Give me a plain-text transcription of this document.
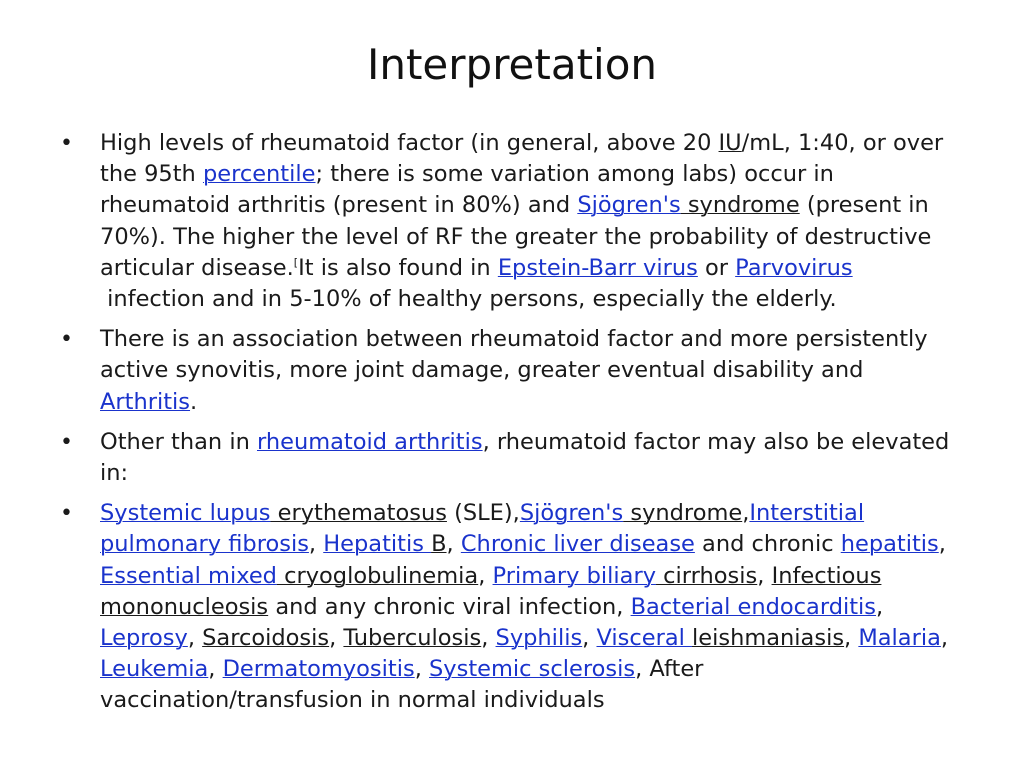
Interpretation
•	High levels of rheumatoid factor (in general, above 20 IU/mL, 1:40, or over the 95th percentile; there is some variation among labs) occur in rheumatoid arthritis (present in 80%) and Sjögren's syndrome (present in 70%). The higher the level of RF the greater the probability of destructive articular disease.[It is also found in Epstein-Barr virus or Parvovirus
infection and in 5-10% of healthy persons, especially the elderly.
•	There is an association between rheumatoid factor and more persistently active synovitis, more joint damage, greater eventual disability and Arthritis.
•	Other than in rheumatoid arthritis, rheumatoid factor may also be elevated in:
•	Systemic lupus erythematosus (SLE),Sjögren's syndrome,Interstitial pulmonary fibrosis, Hepatitis B, Chronic liver disease and chronic hepatitis, Essential mixed cryoglobulinemia, Primary biliary cirrhosis, Infectious mononucleosis and any chronic viral infection, Bacterial endocarditis, Leprosy, Sarcoidosis, Tuberculosis, Syphilis, Visceral leishmaniasis, Malaria, Leukemia, Dermatomyositis, Systemic sclerosis, After vaccination/transfusion in normal individuals
